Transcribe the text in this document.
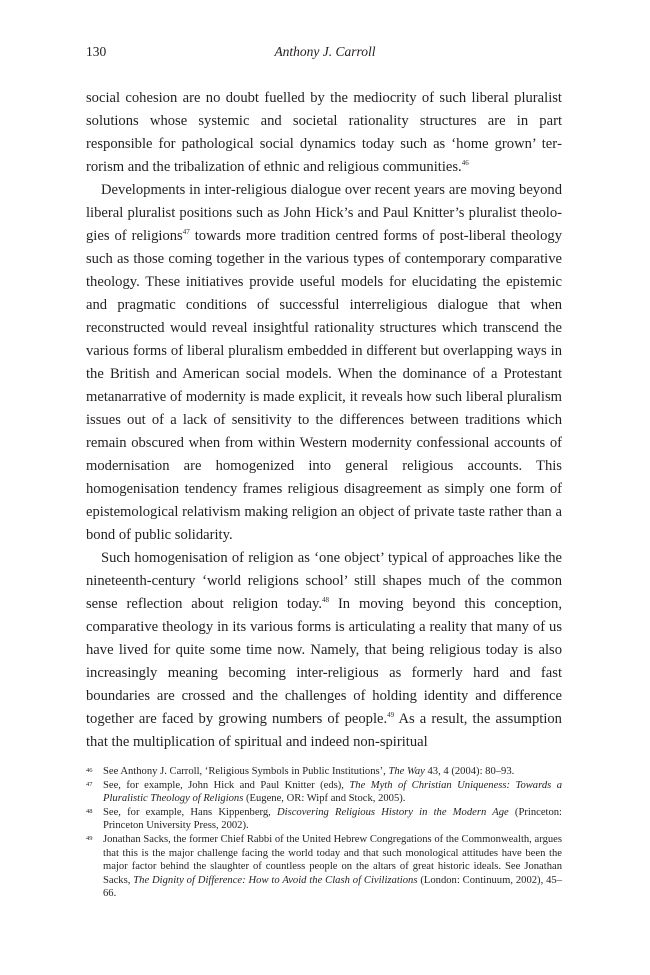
130	Anthony J. Carroll

social cohesion are no doubt fuelled by the mediocrity of such liberal pluralist solutions whose systemic and societal rationality structures are in part responsible for pathological social dynamics today such as ‘home grown’ terrorism and the tribalization of ethnic and religious communities.$^{46}$

Developments in inter-religious dialogue over recent years are moving beyond liberal pluralist positions such as John Hick’s and Paul Knitter’s pluralist theologies of religions$^{47}$ towards more tradition centred forms of post-liberal theology such as those coming together in the various types of contemporary comparative theology. These initiatives provide useful models for elucidating the epistemic and pragmatic conditions of successful interreligious dialogue that when reconstructed would reveal insightful rationality structures which transcend the various forms of liberal pluralism embedded in different but overlapping ways in the British and American social models. When the dominance of a Protestant metanarrative of modernity is made explicit, it reveals how such liberal pluralism issues out of a lack of sensitivity to the differences between traditions which remain obscured when from within Western modernity confessional accounts of modernisation are homogenized into general religious accounts. This homogenisation tendency frames religious disagreement as simply one form of epistemological relativism making religion an object of private taste rather than a bond of public solidarity.

Such homogenisation of religion as ‘one object’ typical of approaches like the nineteenth-century ‘world religions school’ still shapes much of the common sense reflection about religion today.$^{48}$ In moving beyond this conception, comparative theology in its various forms is articulating a reality that many of us have lived for quite some time now. Namely, that being religious today is also increasingly meaning becoming inter-religious as formerly hard and fast boundaries are crossed and the challenges of holding identity and difference together are faced by growing numbers of people.$^{49}$ As a result, the assumption that the multiplication of spiritual and indeed non-spiritual

46 See Anthony J. Carroll, ‘Religious Symbols in Public Institutions’, The Way 43, 4 (2004): 80–93.
47 See, for example, John Hick and Paul Knitter (eds), The Myth of Christian Uniqueness: Towards a Pluralistic Theology of Religions (Eugene, OR: Wipf and Stock, 2005).
48 See, for example, Hans Kippenberg, Discovering Religious History in the Modern Age (Princeton: Princeton University Press, 2002).
49 Jonathan Sacks, the former Chief Rabbi of the United Hebrew Congregations of the Commonwealth, argues that this is the major challenge facing the world today and that such monological attitudes have been the major factor behind the slaughter of countless people on the altars of great historic ideals. See Jonathan Sacks, The Dignity of Difference: How to Avoid the Clash of Civilizations (London: Continuum, 2002), 45–66.
